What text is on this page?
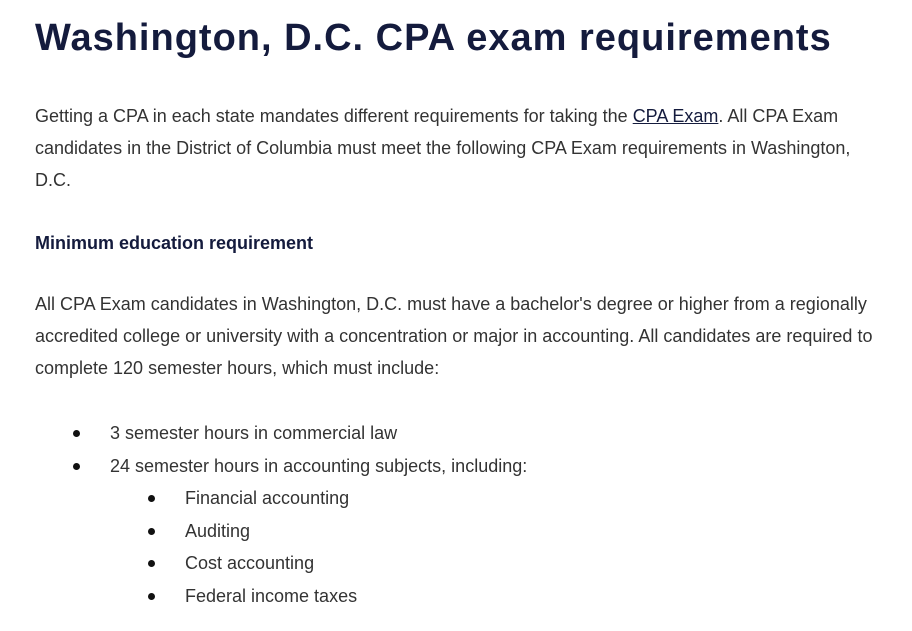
Washington, D.C. CPA exam requirements

Getting a CPA in each state mandates different requirements for taking the CPA Exam. All CPA Exam candidates in the District of Columbia must meet the following CPA Exam requirements in Washington, D.C.

Minimum education requirement

All CPA Exam candidates in Washington, D.C. must have a bachelor's degree or higher from a regionally accredited college or university with a concentration or major in accounting. All candidates are required to complete 120 semester hours, which must include:

3 semester hours in commercial law
24 semester hours in accounting subjects, including:
Financial accounting
Auditing
Cost accounting
Federal income taxes
